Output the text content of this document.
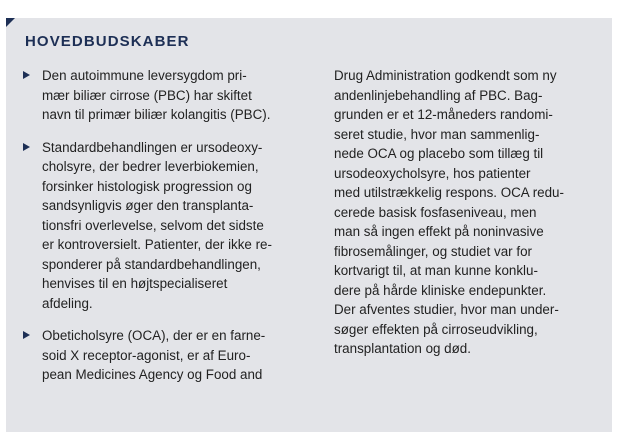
HOVEDBUDSKABER
Den autoimmune leversygdom pri-
mær biliær cirrose (PBC) har skiftet
navn til primær biliær kolangitis (PBC).
Standardbehandlingen er ursodeoxy-
cholsyre, der bedrer leverbiokemien,
forsinker histologisk progression og
sandsynligvis øger den transplanta-
tionsfri overlevelse, selvom det sidste
er kontroversielt. Patienter, der ikke re-
sponderer på standardbehandlingen,
henvises til en højtspecialiseret
afdeling.
Obeticholsyre (OCA), der er en farne-
soid X receptor-agonist, er af Euro-
pean Medicines Agency og Food and
Drug Administration godkendt som ny
andenlinjebehandling af PBC. Bag-
grunden er et 12-måneders randomi-
seret studie, hvor man sammenlig-
nede OCA og placebo som tillæg til
ursodeoxycholsyre, hos patienter
med utilstrækkelig respons. OCA redu-
cerede basisk fosfaseniveau, men
man så ingen effekt på noninvasive
fibrosemålinger, og studiet var for
kortvarigt til, at man kunne konklu-
dere på hårde kliniske endepunkter.
Der afventes studier, hvor man under-
søger effekten på cirroseudvikling,
transplantation og død.
